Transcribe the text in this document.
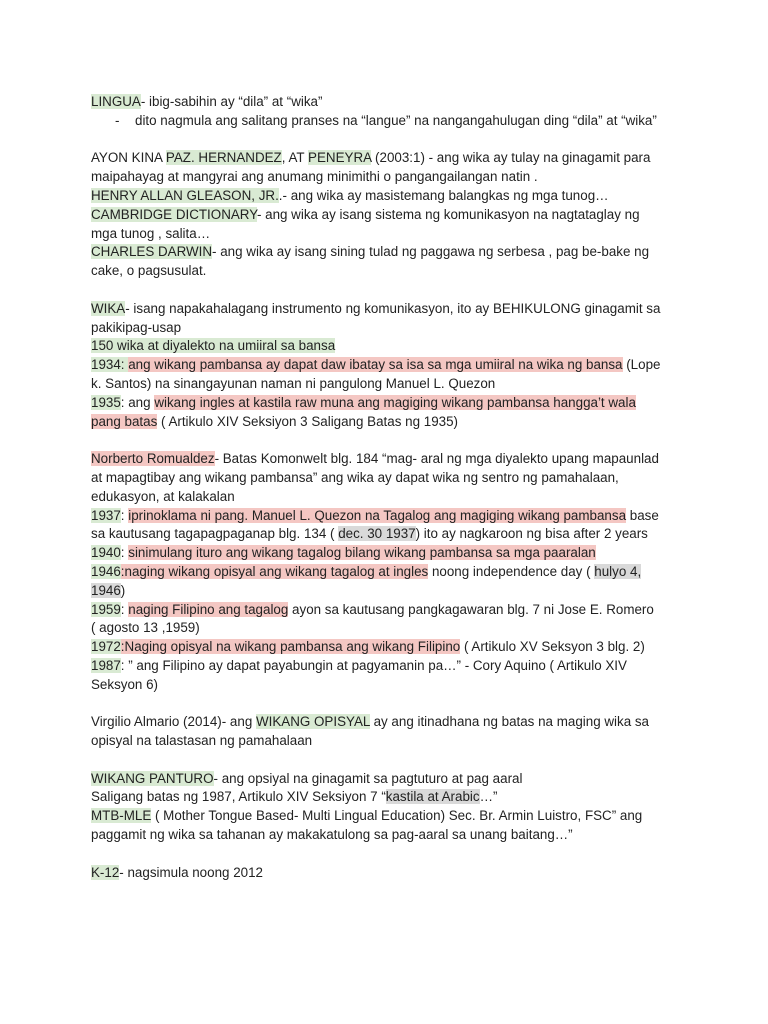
LINGUA- ibig-sabihin ay “dila” at “wika”
- dito nagmula ang salitang pranses na “langue” na nangangahulugan ding “dila” at “wika”
AYON KINA PAZ. HERNANDEZ, AT PENEYRA (2003:1) - ang wika ay tulay na ginagamit para
maipahayag at mangyrai ang anumang minimithi o pangangailangan natin .
HENRY ALLAN GLEASON, JR..- ang wika ay masistemang balangkas ng mga tunog…
CAMBRIDGE DICTIONARY- ang wika ay isang sistema ng komunikasyon na nagtataglay ng
mga tunog , salita…
CHARLES DARWIN- ang wika ay isang sining tulad ng paggawa ng serbesa , pag be-bake ng
cake, o pagsusulat.
WIKA- isang napakahalagang instrumento ng komunikasyon, ito ay BEHIKULONG ginagamit sa
pakikipag-usap
150 wika at diyalekto na umiiral sa bansa
1934: ang wikang pambansa ay dapat daw ibatay sa isa sa mga umiiral na wika ng bansa (Lope
k. Santos) na sinangayunan naman ni pangulong Manuel L. Quezon
1935: ang wikang ingles at kastila raw muna ang magiging wikang pambansa hangga’t wala
pang batas ( Artikulo XIV Seksiyon 3 Saligang Batas ng 1935)
Norberto Romualdez- Batas Komonwelt blg. 184 “mag- aral ng mga diyalekto upang mapaunlad
at mapagtibay ang wikang pambansa” ang wika ay dapat wika ng sentro ng pamahalaan,
edukasyon, at kalakalan
1937: iprinoklama ni pang. Manuel L. Quezon na Tagalog ang magiging wikang pambansa base
sa kautusang tagapagpaganap blg. 134 ( dec. 30 1937) ito ay nagkaroon ng bisa after 2 years
1940: sinimulang ituro ang wikang tagalog bilang wikang pambansa sa mga paaralan
1946:naging wikang opisyal ang wikang tagalog at ingles noong independence day ( hulyo 4,
1946)
1959: naging Filipino ang tagalog ayon sa kautusang pangkagawaran blg. 7 ni Jose E. Romero
( agosto 13 ,1959)
1972:Naging opisyal na wikang pambansa ang wikang Filipino ( Artikulo XV Seksyon 3 blg. 2)
1987: ” ang Filipino ay dapat payabungin at pagyamanin pa…” - Cory Aquino ( Artikulo XIV
Seksyon 6)
Virgilio Almario (2014)- ang WIKANG OPISYAL ay ang itinadhana ng batas na maging wika sa
opisyal na talastasan ng pamahalaan
WIKANG PANTURO- ang opsiyal na ginagamit sa pagtuturo at pag aaral
Saligang batas ng 1987, Artikulo XIV Seksiyon 7 “kastila at Arabic…”
MTB-MLE ( Mother Tongue Based- Multi Lingual Education) Sec. Br. Armin Luistro, FSC” ang
paggamit ng wika sa tahanan ay makakatulong sa pag-aaral sa unang baitang…”
K-12- nagsimula noong 2012
